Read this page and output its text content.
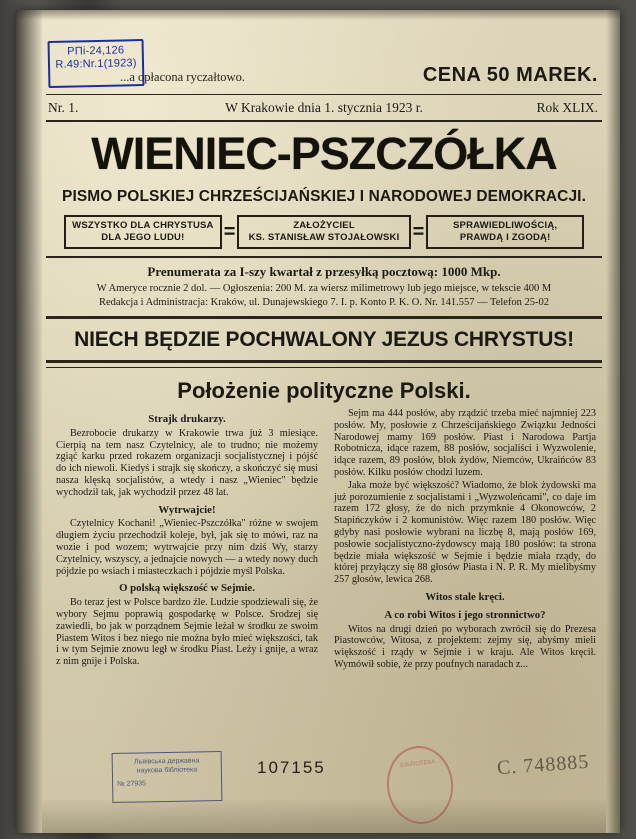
РПі-24,126
R.49:Nr.1(1923)
...a opłacona ryczałtowo.	CENA 50 MAREK.
Nr. 1.	W Krakowie dnia 1. stycznia 1923 r.	Rok XLIX.
WIENIEC-PSZCZÓŁKA
PISMO POLSKIEJ CHRZEŚCIJAŃSKIEJ I NARODOWEJ DEMOKRACJI.
WSZYSTKO DLA CHRYSTUSA
DLA JEGO LUDU!	=	ZAŁOŻYCIEL
KS. STANISŁAW STOJAŁOWSKI =	SPRAWIEDLIWOŚCIĄ,
PRAWDĄ I ZGODĄ!
Prenumerata za I-szy kwartał z przesyłką pocztową: 1000 Mkp.
W Ameryce rocznie 2 dol. — Ogłoszenia: 200 M. za wiersz milimetrowy lub jego miejsce, w tekscie 400 M
Redakcja i Administracja: Kraków, ul. Dunajewskiego 7. I. p. Konto P. K. O. Nr. 141.557 — Telefon 25-02
NIECH BĘDZIE POCHWALONY JEZUS CHRYSTUS!
Położenie polityczne Polski.
Strajk drukarzy.

Bezrobocie drukarzy w Krakowie trwa już 3 miesiące. Cierpią na tem nasz Czytelnicy, ale to trudno; nie możemy zgiąć karku przed rokazem organizacji socjalistycznej i pójść do ich niewoli. Kiedyś i strajk się skończy, a skończyć się musi nasza klęską socjalistów, a wtedy i nasz „Wieniec" będzie wychodził tak, jak wychodził przez 48 lat.

Wytrwajcie!

Czytelnicy Kochani! „Wieniec-Pszczółka" różne w swojem długiem życiu przechodził koleje, był, jak się to mówi, raz na wozie i pod wozem; wytrwajcie przy nim dziś Wy, starzy Czytelnicy, wszyscy, a jednajcie nowych — a wtedy nowy duch pójdzie po wsiach i miasteczkach i pójdzie myśl Polska.

O polską większość w Sejmie.

Bo teraz jest w Polsce bardzo źle. Ludzie spodziewali się, że wybory Sejmu poprawią gospodarkę w Polsce. Srodzej się zawiedli, bo jak w porządnem Sejmie leżał w środku ze swoim Piastem Witos i bez niego nie można było mieć większości, tak i w tym Sejmie znowu legł w środku Piast. Leży i gnije, a wraz z nim gnije i Polska.

Sejm ma 444 posłów, aby rządzić trzeba mieć najmniej 223 posłów. My, posłowie z Chrześcijańskiego Związku Jedności Narodowej mamy 169 posłów. Piast i Narodowa Partja Robotnicza, idące razem, 88 posłów, socjaliści i Wyzwolenie, idące razem, 89 posłów, blok żydów, Niemców, Ukraińców 83 posłów. Kilku posłów chodzi luzem.

Jaka może być większość? Wiadomo, że blok żydowski ma już porozumienie z socjalistami i „Wyzwoleńcami", co daje im razem 172 głosy, że do nich przymknie 4 Okonowców, 2 Stapińczyków i 2 komunistów. Więc razem 180 posłów. Więc gdyby nasi posłowie wybrani na liczbę 8, mają posłów 169, posłowie socjalistyczno-żydowscy mają 180 posłów: ta strona będzie miała większość w Sejmie i będzie miała rządy, do której przyłączy się 88 głosów Piasta i N. P. R. My mielibyśmy 257 głosów, lewica 268.

Witos stale kręci.
A co robi Witos i jego stronnictwo?

Witos na drugi dzień po wyborach zwrócił się do Prezesa Piastowców, Witosa, z projektem: zejmy się, abyśmy mieli większość i rządy w Sejmie i w kraju. Ale Witos kręcił. Wymówił sobie, że przy poufnych naradach z...

Львівська державна
наукова бібліотека
№ 27935
107155	БІБЛІОТЕКА	C. 748885
